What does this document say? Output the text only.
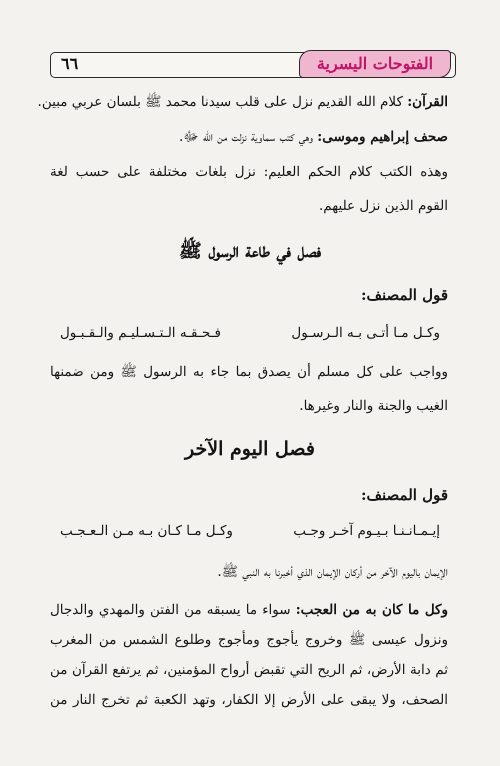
الفتوحات اليسرية
٦٦
القرآن: كلام الله القديم نزل على قلب سيدنا محمد ﷺ بلسان عربي مبين.
صحف إبراهيم وموسى: وهي كتب سماوية نزلت من الله ﷻ.
وهذه الكتب كلام الحكم العليم: نزل بلغات مختلفة على حسب لغة
القوم الذين نزل عليهم.
فصل في طاعة الرسول ﷺ
قول المصنف:
وكـل مـا أتـى بـه الـرسـول
فـحـقـه الـتـسـليـم والـقـبـول
وواجب على كل مسلم أن يصدق بما جاء به الرسول ﷺ ومن ضمنها
الغيب والجنة والنار وغيرها.
فصل اليوم الآخر
قول المصنف:
إيـمـانـنـا بـيـوم آخـر وجـب
وكـل مـا كـان بـه مـن الـعـجـب
الإيمان باليوم الآخر من أركان الإيمان الذي أخبرنا به النبي ﷺ.
وكل ما كان به من العجب: سواء ما يسبقه من الفتن والمهدي والدجال
ونزول عيسى ﷺ وخروج يأجوج ومأجوج وطلوع الشمس من المغرب
ثم دابة الأرض، ثم الريح التي تقبض أرواح المؤمنين، ثم يرتفع القرآن من
الصحف، ولا يبقى على الأرض إلا الكفار، وتهد الكعبة ثم تخرج النار من
